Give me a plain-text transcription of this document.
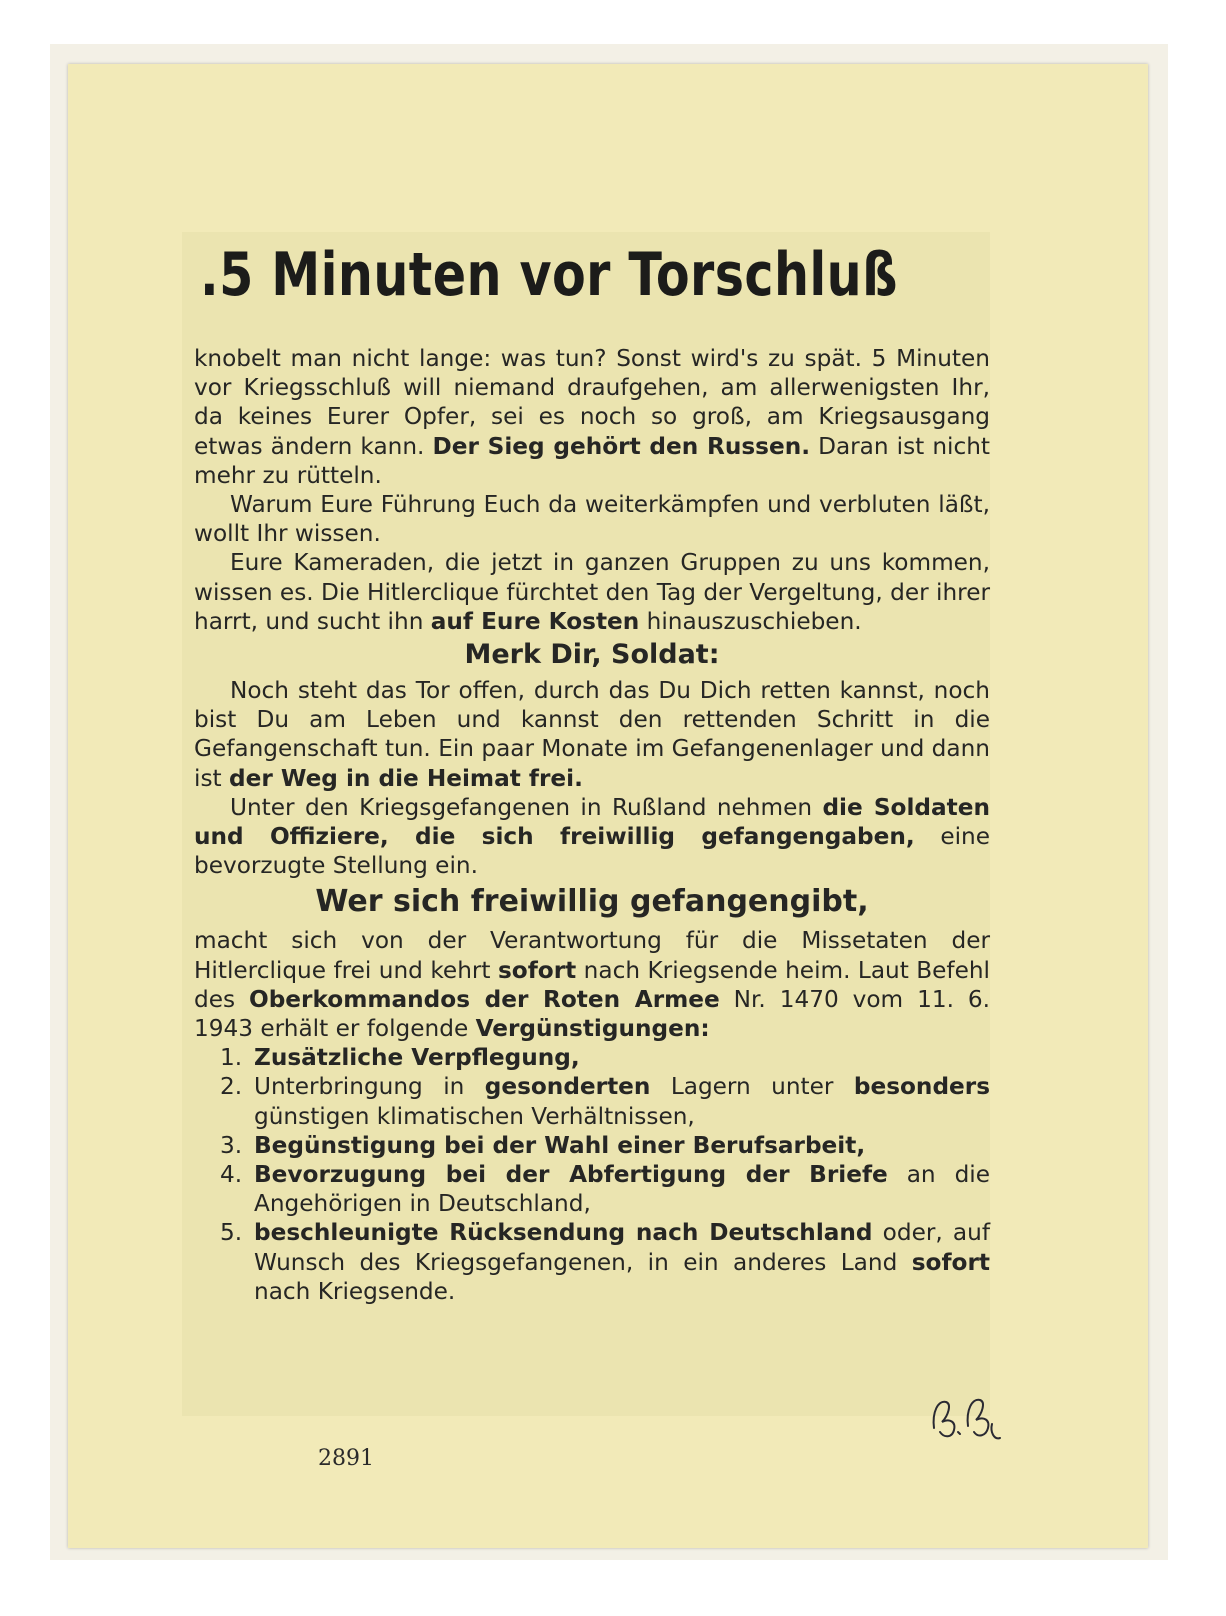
.5 Minuten vor Torschluß

knobelt man nicht lange: was tun? Sonst wird's zu spät. 5 Minuten vor Kriegsschluß will niemand draufgehen, am allerwenigsten Ihr, da keines Eurer Opfer, sei es noch so groß, am Kriegsausgang etwas ändern kann. Der Sieg gehört den Russen. Daran ist nicht mehr zu rütteln.

Warum Eure Führung Euch da weiterkämpfen und verbluten läßt, wollt Ihr wissen.

Eure Kameraden, die jetzt in ganzen Gruppen zu uns kommen, wissen es. Die Hitlerclique fürchtet den Tag der Vergeltung, der ihrer harrt, und sucht ihn auf Eure Kosten hinauszuschieben.

Merk Dir, Soldat:

Noch steht das Tor offen, durch das Du Dich retten kannst, noch bist Du am Leben und kannst den rettenden Schritt in die Gefangenschaft tun. Ein paar Monate im Gefangenenlager und dann ist der Weg in die Heimat frei.

Unter den Kriegsgefangenen in Rußland nehmen die Soldaten und Offiziere, die sich freiwillig gefangengaben, eine bevorzugte Stellung ein.

Wer sich freiwillig gefangengibt,

macht sich von der Verantwortung für die Missetaten der Hitlerclique frei und kehrt sofort nach Kriegsende heim. Laut Befehl des Oberkommandos der Roten Armee Nr. 1470 vom 11. 6. 1943 erhält er folgende Vergünstigungen:

1. Zusätzliche Verpflegung,
2. Unterbringung in gesonderten Lagern unter besonders günstigen klimatischen Verhältnissen,
3. Begünstigung bei der Wahl einer Berufsarbeit,
4. Bevorzugung bei der Abfertigung der Briefe an die Angehörigen in Deutschland,
5. beschleunigte Rücksendung nach Deutschland oder, auf Wunsch des Kriegsgefangenen, in ein anderes Land sofort nach Kriegsende.
2891
